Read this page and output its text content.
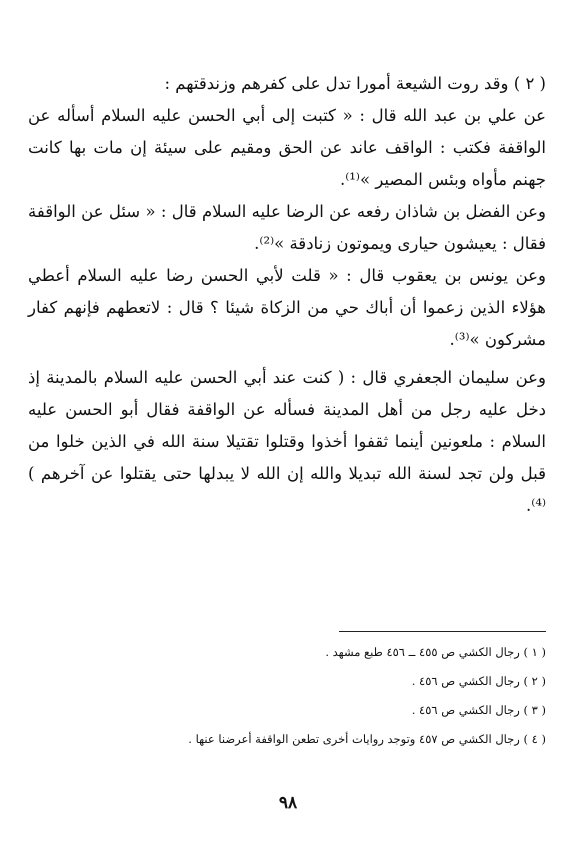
( ٢ ) وقد روت الشيعة أمورا تدل على كفرهم وزندقتهم :

عن علي بن عبد الله قال : « كتبت إلى أبي الحسن عليه السلام أسأله عن الواقفة فكتب : الواقف عاند عن الحق ومقيم على سيئة إن مات بها كانت جهنم مأواه وبئس المصير »⁽¹⁾.

وعن الفضل بن شاذان رفعه عن الرضا عليه السلام قال : « سئل عن الواقفة فقال : يعيشون حيارى ويموتون زنادقة »⁽²⁾.

وعن يونس بن يعقوب قال : « قلت لأبي الحسن رضا عليه السلام أعطي هؤلاء الذين زعموا أن أباك حي من الزكاة شيئا ؟ قال : لاتعطهم فإنهم كفار مشركون »⁽³⁾.

وعن سليمان الجعفري قال : ( كنت عند أبي الحسن عليه السلام بالمدينة إذ دخل عليه رجل من أهل المدينة فسأله عن الواقفة فقال أبو الحسن عليه السلام : ملعونين أينما ثقفوا أخذوا وقتلوا تقتيلا سنة الله في الذين خلوا من قبل ولن تجد لسنة الله تبديلا والله إن الله لا يبدلها حتى يقتلوا عن آخرهم )⁽⁴⁾.

( ١ ) رجال الكشي ص ٤٥٥ ــ ٤٥٦ طبع مشهد .

( ٢ ) رجال الكشي ص ٤٥٦ .

( ٣ ) رجال الكشي ص ٤٥٦ .

( ٤ ) رجال الكشي ص ٤٥٧ وتوجد روايات أخرى تطعن الواقفة أعرضنا عنها .

٩٨
